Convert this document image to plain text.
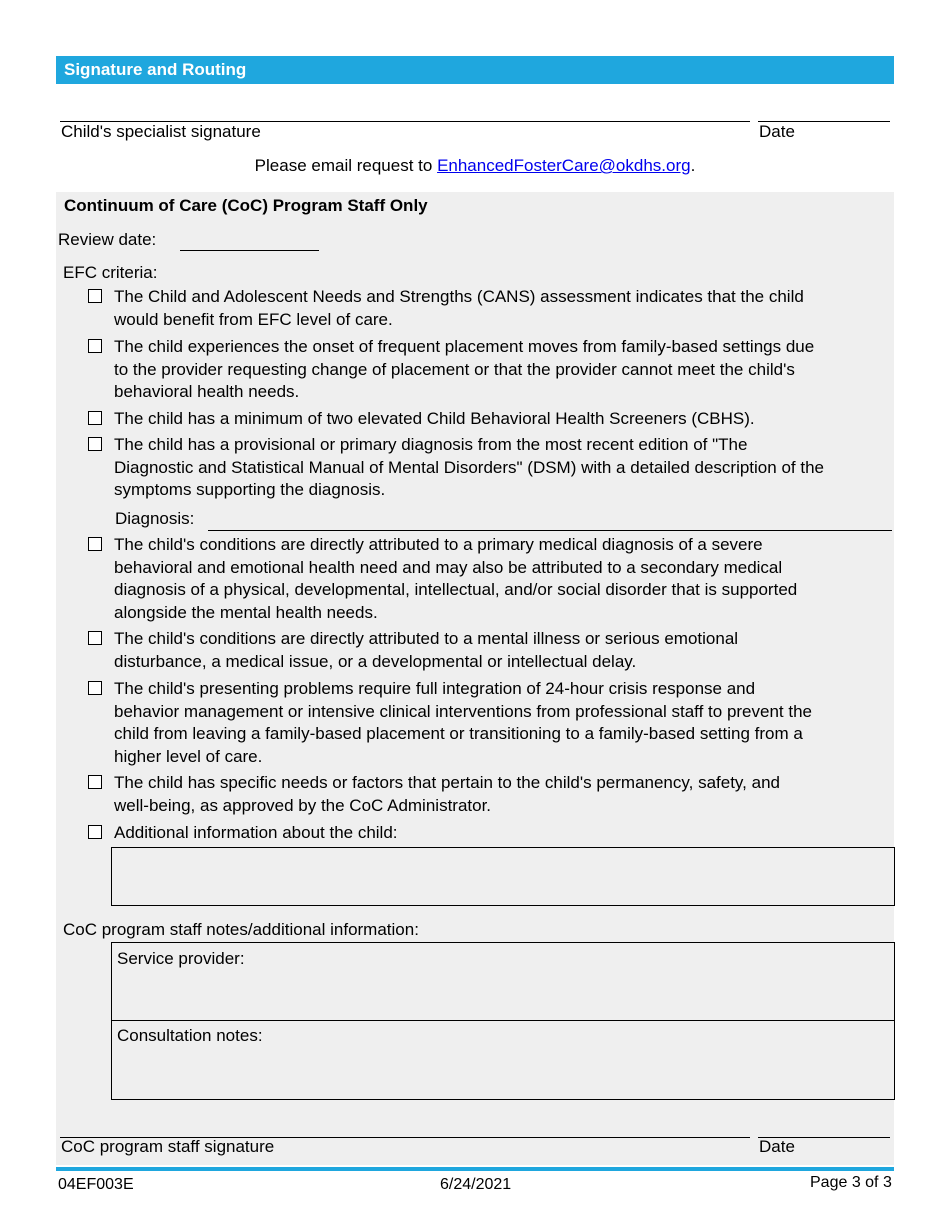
Signature and Routing
Child's specialist signature	Date
Please email request to EnhancedFosterCare@okdhs.org.
Continuum of Care (CoC) Program Staff Only
Review date:
EFC criteria:
The Child and Adolescent Needs and Strengths (CANS) assessment indicates that the child
would benefit from EFC level of care.
The child experiences the onset of frequent placement moves from family-based settings due
to the provider requesting change of placement or that the provider cannot meet the child's
behavioral health needs.
The child has a minimum of two elevated Child Behavioral Health Screeners (CBHS).
The child has a provisional or primary diagnosis from the most recent edition of "The
Diagnostic and Statistical Manual of Mental Disorders" (DSM) with a detailed description of the
symptoms supporting the diagnosis.
Diagnosis:
The child's conditions are directly attributed to a primary medical diagnosis of a severe
behavioral and emotional health need and may also be attributed to a secondary medical
diagnosis of a physical, developmental, intellectual, and/or social disorder that is supported
alongside the mental health needs.
The child's conditions are directly attributed to a mental illness or serious emotional
disturbance, a medical issue, or a developmental or intellectual delay.
The child's presenting problems require full integration of 24-hour crisis response and
behavior management or intensive clinical interventions from professional staff to prevent the
child from leaving a family-based placement or transitioning to a family-based setting from a
higher level of care.
The child has specific needs or factors that pertain to the child's permanency, safety, and
well-being, as approved by the CoC Administrator.
Additional information about the child:
CoC program staff notes/additional information:
Service provider:
Consultation notes:
CoC program staff signature	Date
04EF003E	6/24/2021	Page 3 of 3
